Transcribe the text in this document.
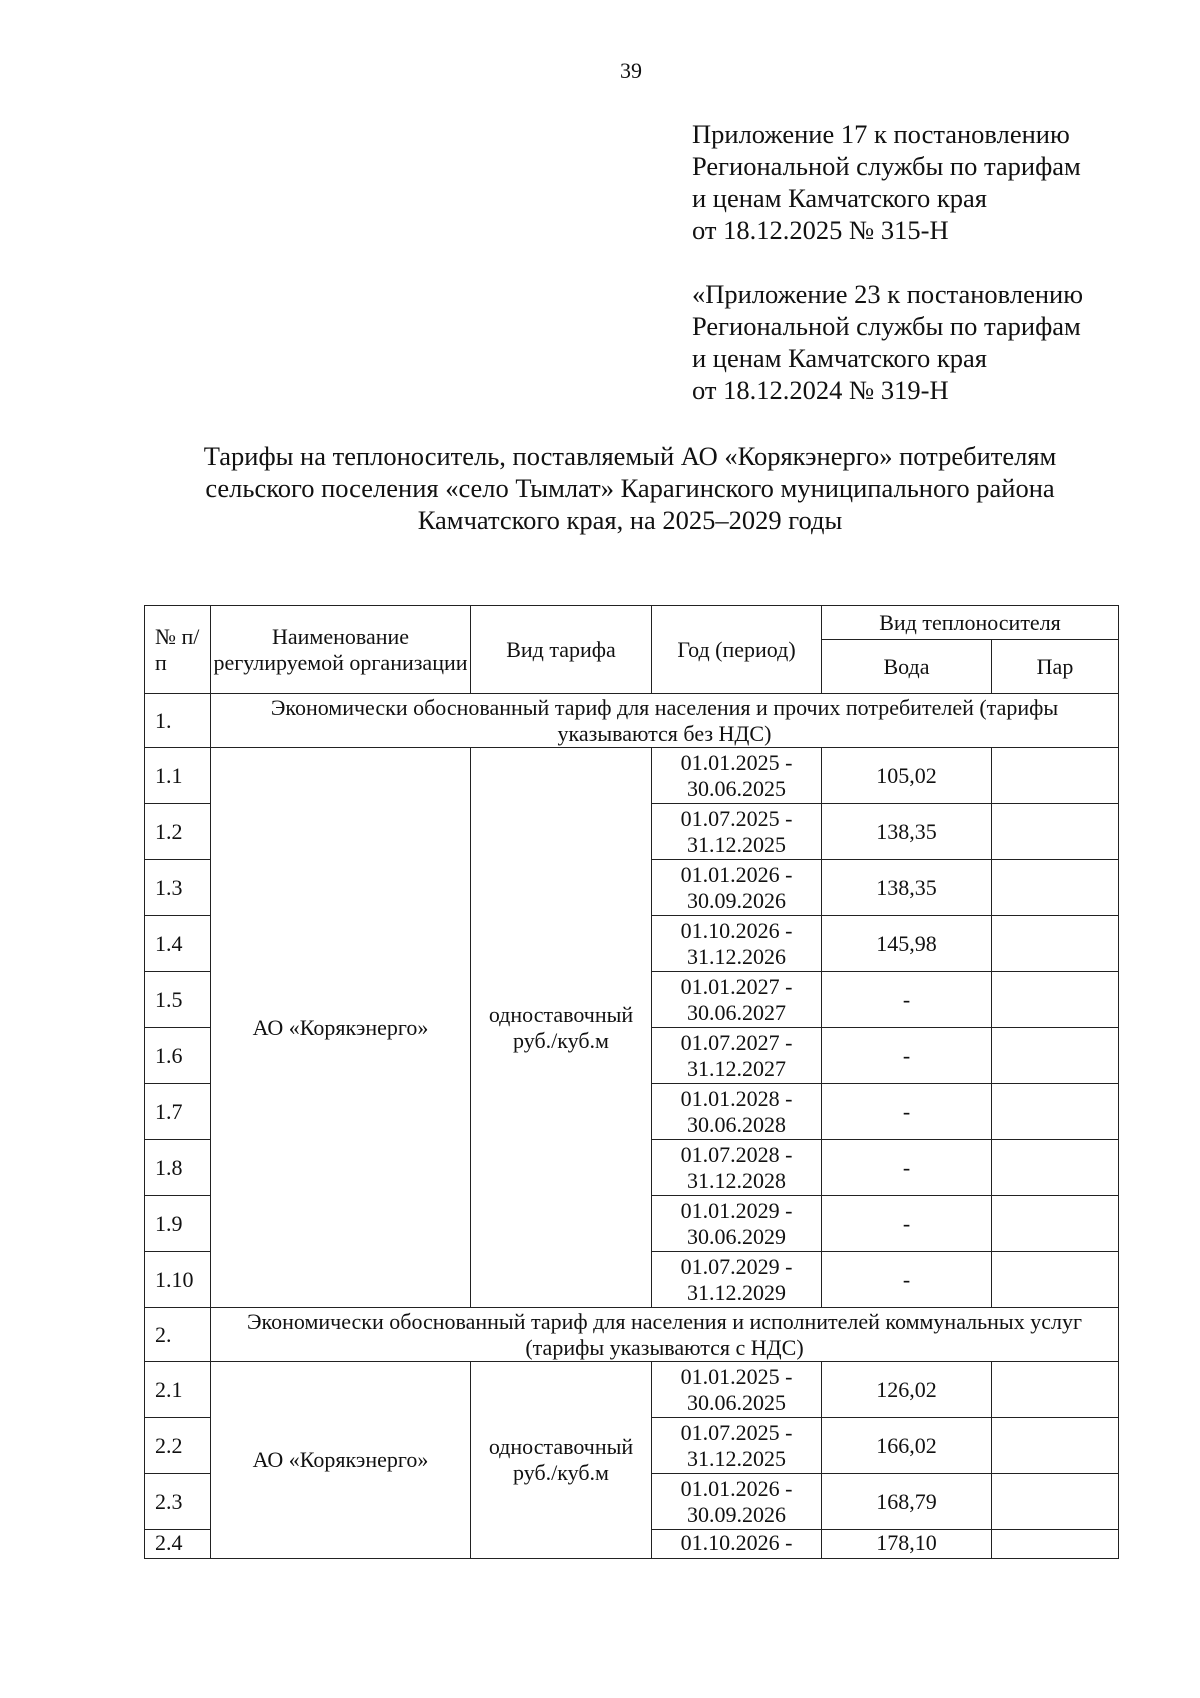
39
Приложение 17 к постановлению
Региональной службы по тарифам
и ценам Камчатского края
от 18.12.2025 № 315-Н
«Приложение 23 к постановлению
Региональной службы по тарифам
и ценам Камчатского края
от 18.12.2024 № 319-Н
Тарифы на теплоноситель, поставляемый АО «Корякэнерго» потребителям
сельского поселения «село Тымлат» Карагинского муниципального района
Камчатского края, на 2025–2029 годы
№ п/п	Наименование регулируемой организации	Вид тарифа	Год (период)	Вид теплоносителя	
				Вода	Пар
1.	Экономически обоснованный тариф для населения и прочих потребителей (тарифы указываются без НДС)				
1.1	АО «Корякэнерго»	одноставочный руб./куб.м	01.01.2025 - 30.06.2025	105,02	
1.2			01.07.2025 - 31.12.2025	138,35	
1.3			01.01.2026 - 30.09.2026	138,35	
1.4			01.10.2026 - 31.12.2026	145,98	
1.5			01.01.2027 - 30.06.2027	-	
1.6			01.07.2027 - 31.12.2027	-	
1.7			01.01.2028 - 30.06.2028	-	
1.8			01.07.2028 - 31.12.2028	-	
1.9			01.01.2029 - 30.06.2029	-	
1.10			01.07.2029 - 31.12.2029	-	
2.	Экономически обоснованный тариф для населения и исполнителей коммунальных услуг (тарифы указываются с НДС)				
2.1	АО «Корякэнерго»	одноставочный руб./куб.м	01.01.2025 - 30.06.2025	126,02	
2.2			01.07.2025 - 31.12.2025	166,02	
2.3			01.01.2026 - 30.09.2026	168,79	
2.4			01.10.2026 -	178,10	
